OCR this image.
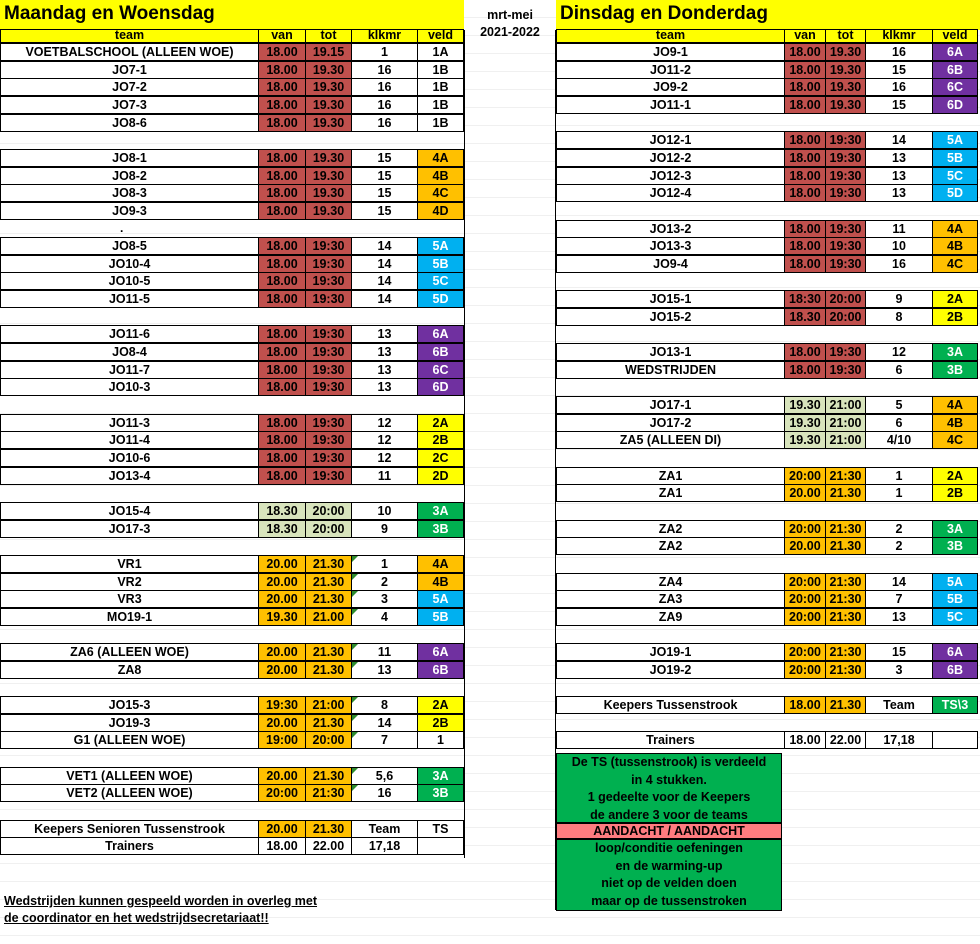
Maandag en Woensdag	Dinsdag en Donderdag
mrt-mei
2021-2022
team	van	tot	klkmr	veld
VOETBALSCHOOL (ALLEEN WOE)	18.00	19.15	1	1A
JO7-1	18.00	19.30	16	1B
JO7-2	18.00	19.30	16	1B
JO7-3	18.00	19.30	16	1B
JO8-6	18.00	19.30	16	1B
JO8-1	18.00	19.30	15	4A
JO8-2	18.00	19.30	15	4B
JO8-3	18.00	19.30	15	4C
JO9-3	18.00	19.30	15	4D
JO8-5	18.00	19:30	14	5A
JO10-4	18.00	19:30	14	5B
JO10-5	18.00	19:30	14	5C
JO11-5	18.00	19:30	14	5D
JO11-6	18.00	19:30	13	6A
JO8-4	18.00	19:30	13	6B
JO11-7	18.00	19:30	13	6C
JO10-3	18.00	19:30	13	6D
JO11-3	18.00	19:30	12	2A
JO11-4	18.00	19:30	12	2B
JO10-6	18.00	19:30	12	2C
JO13-4	18.00	19:30	11	2D
JO15-4	18.30	20:00	10	3A
JO17-3	18.30	20:00	9	3B
VR1	20.00	21.30	1	4A
VR2	20.00	21.30	2	4B
VR3	20.00	21.30	3	5A
MO19-1	19.30	21.00	4	5B
ZA6 (ALLEEN WOE)	20.00	21.30	11	6A
ZA8	20.00	21.30	13	6B
JO15-3	19:30	21:00	8	2A
JO19-3	20.00	21.30	14	2B
G1 (ALLEEN WOE)	19:00	20:00	7	1
VET1 (ALLEEN WOE)	20.00	21.30	5,6	3A
VET2 (ALLEEN WOE)	20:00	21:30	16	3B
Keepers Senioren Tussenstrook	20.00	21.30	Team	TS
Trainers	18.00	22.00	17,18
team	van	tot	klkmr	veld
JO9-1	18.00 19.30	16	6A
JO11-2	18.00 19.30	15	6B
JO9-2	18.00 19.30	16	6C
JO11-1	18.00 19.30	15	6D
JO12-1	18.00 19:30	14	5A
JO12-2	18.00 19:30	13	5B
JO12-3	18.00 19:30	13	5C
JO12-4	18.00 19:30	13	5D
JO13-2	18.00 19:30	11	4A
JO13-3	18.00 19:30	10	4B
JO9-4	18.00 19:30	16	4C
JO15-1	18:30 20:00	9	2A
JO15-2	18.30 20:00	8	2B
JO13-1	18.00 19:30	12	3A
WEDSTRIJDEN	18.00 19:30	6	3B
JO17-1	19.30 21:00	5	4A
JO17-2	19.30 21:00	6	4B
ZA5 (ALLEEN DI)	19.30 21:00	4/10	4C
ZA1	20:00 21:30	1	2A
ZA1	20.00 21.30	1	2B
ZA2	20:00 21:30	2	3A
ZA2	20.00 21.30	2	3B
ZA4	20:00 21:30	14	5A
ZA3	20:00 21:30	7	5B
ZA9	20:00 21:30	13	5C
JO19-1	20:00 21:30	15	6A
JO19-2	20:00 21:30	3	6B
Keepers Tussenstrook	18.00 21.30	Team	TS\3
Trainers	18.00 22.00	17,18
.
De TS (tussenstrook) is verdeeld
in 4 stukken.
1 gedeelte voor de Keepers
de andere 3 voor de teams
AANDACHT / AANDACHT
loop/conditie oefeningen
en de warming-up
niet op de velden doen
maar op de tussenstroken
Wedstrijden kunnen gespeeld worden in overleg met
de coordinator en het wedstrijdsecretariaat!!
